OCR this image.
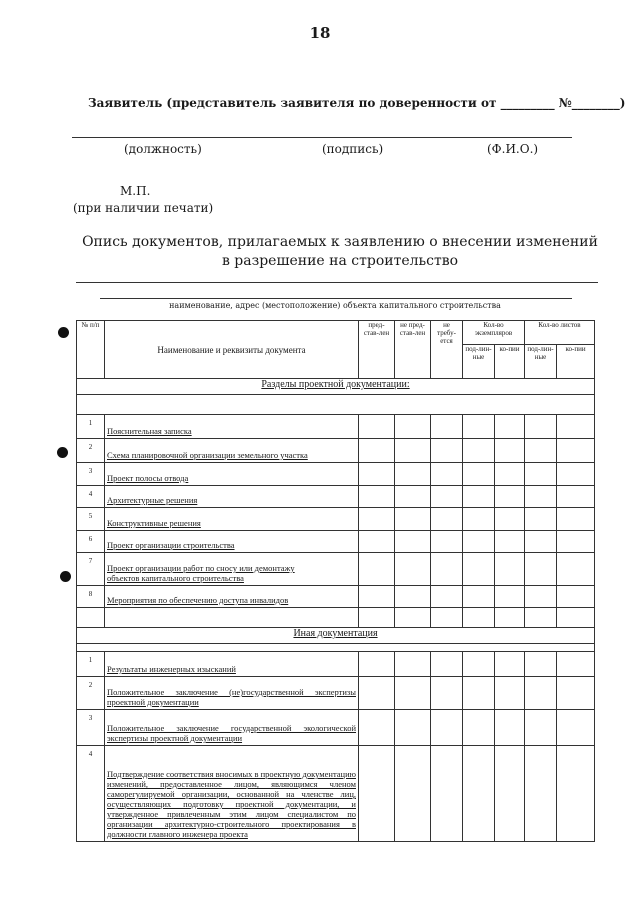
18
Заявитель (представитель заявителя по доверенности от _________ №________)
(должность)	(подпись)	(Ф.И.О.)
М.П.
(при наличии печати)
Опись документов, прилагаемых к заявлению о внесении изменений в разрешение на строительство
наименование, адрес (местоположение) объекта капитального строительства
№ п/п	Наименование и реквизиты документа	пред-став-лен	не пред-став-лен	не требу-ется	Кол-во экземпляров		Кол-во листов	
					под-лин-ные	ко-пии	под-лин-ные	ко-пии
Разделы проектной документации:								

1	Пояснительная записка							
2	Схема планировочной организации земельного участка							
3	Проект полосы отвода							
4	Архитектурные решения							
5	Конструктивные решения							
6	Проект организации строительства							
7	Проект организации работ по сносу или демонтажу объектов капитального строительства							
8	Мероприятия по обеспечению доступа инвалидов							

Иная документация								

1	Результаты инженерных изысканий							
2	Положительное заключение (не)государственной экспертизы проектной документации							
3	Положительное заключение государственной экологической экспертизы проектной документации							
4	Подтверждение соответствия вносимых в проектную документацию изменений, предоставленное лицом, являющимся членом саморегулируемой организации, основанной на членстве лиц, осуществляющих подготовку проектной документации, и утвержденное привлеченным этим лицом специалистом по организации архитектурно-строительного проектирования в должности главного инженера проекта							
